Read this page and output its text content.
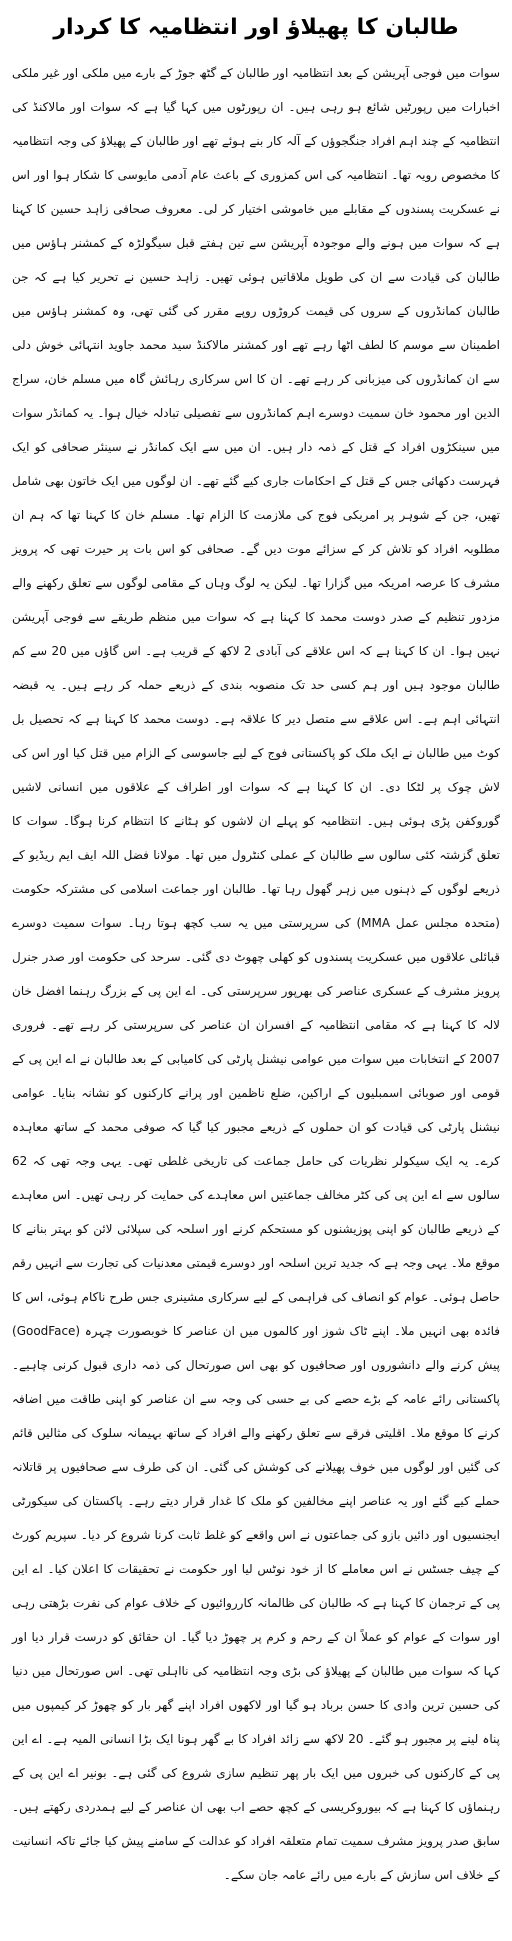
طالبان کا پھیلاؤ اور انتظامیہ کا کردار
سوات میں فوجی آپریشن کے بعد انتظامیہ اور طالبان کے گٹھ جوڑ کے بارے میں ملکی اور غیر ملکی اخبارات میں رپورٹیں شائع ہو رہی ہیں۔ ان رپورٹوں میں کہا گیا ہے کہ سوات اور مالاکنڈ کی انتظامیہ کے چند اہم افراد جنگجوؤں کے آلہ کار بنے ہوئے تھے اور طالبان کے پھیلاؤ کی وجہ انتظامیہ کا مخصوص رویہ تھا۔ انتظامیہ کی اس کمزوری کے باعث عام آدمی مایوسی کا شکار ہوا اور اس نے عسکریت پسندوں کے مقابلے میں خاموشی اختیار کر لی۔ معروف صحافی زاہد حسین کا کہنا ہے کہ سوات میں ہونے والے موجودہ آپریشن سے تین ہفتے قبل سیگولڑہ کے کمشنر ہاؤس میں طالبان کی قیادت سے ان کی طویل ملاقاتیں ہوئی تھیں۔ زاہد حسین نے تحریر کیا ہے کہ جن طالبان کمانڈروں کے سروں کی قیمت کروڑوں روپے مقرر کی گئی تھی، وہ کمشنر ہاؤس میں اطمینان سے موسم کا لطف اٹھا رہے تھے اور کمشنر مالاکنڈ سید محمد جاوید انتہائی خوش دلی سے ان کمانڈروں کی میزبانی کر رہے تھے۔ ان کا اس سرکاری رہائش گاہ میں مسلم خان، سراج الدین اور محمود خان سمیت دوسرے اہم کمانڈروں سے تفصیلی تبادلہ خیال ہوا۔ یہ کمانڈر سوات میں سینکڑوں افراد کے قتل کے ذمہ دار ہیں۔ ان میں سے ایک کمانڈر نے سینئر صحافی کو ایک فہرست دکھائی جس کے قتل کے احکامات جاری کیے گئے تھے۔ ان لوگوں میں ایک خاتون بھی شامل تھیں، جن کے شوہر پر امریکی فوج کی ملازمت کا الزام تھا۔ مسلم خان کا کہنا تھا کہ ہم ان مطلوبہ افراد کو تلاش کر کے سزائے موت دیں گے۔ صحافی کو اس بات پر حیرت تھی کہ پرویز مشرف کا عرصہ امریکہ میں گزارا تھا۔ لیکن یہ لوگ وہاں کے مقامی لوگوں سے تعلق رکھنے والے مزدور تنظیم کے صدر دوست محمد کا کہنا ہے کہ سوات میں منظم طریقے سے فوجی آپریشن نہیں ہوا۔ ان کا کہنا ہے کہ اس علاقے کی آبادی 2 لاکھ کے قریب ہے۔ اس گاؤں میں 20 سے کم طالبان موجود ہیں اور ہم کسی حد تک منصوبہ بندی کے ذریعے حملہ کر رہے ہیں۔ یہ قبضہ انتہائی اہم ہے۔ اس علاقے سے متصل دیر کا علاقہ ہے۔ دوست محمد کا کہنا ہے کہ تحصیل بل کوٹ میں طالبان نے ایک ملک کو پاکستانی فوج کے لیے جاسوسی کے الزام میں قتل کیا اور اس کی لاش چوک پر لٹکا دی۔ ان کا کہنا ہے کہ سوات اور اطراف کے علاقوں میں انسانی لاشیں گوروکفن پڑی ہوئی ہیں۔ انتظامیہ کو پہلے ان لاشوں کو ہٹانے کا انتظام کرنا ہوگا۔ سوات کا تعلق گزشتہ کئی سالوں سے طالبان کے عملی کنٹرول میں تھا۔ مولانا فضل اللہ ایف ایم ریڈیو کے ذریعے لوگوں کے ذہنوں میں زہر گھول رہا تھا۔ طالبان اور جماعت اسلامی کی مشترکہ حکومت (متحدہ مجلس عمل MMA) کی سرپرستی میں یہ سب کچھ ہوتا رہا۔ سوات سمیت دوسرے قبائلی علاقوں میں عسکریت پسندوں کو کھلی چھوٹ دی گئی۔ سرحد کی حکومت اور صدر جنرل پرویز مشرف کے عسکری عناصر کی بھرپور سرپرستی کی۔ اے این پی کے بزرگ رہنما افضل خان لالہ کا کہنا ہے کہ مقامی انتظامیہ کے افسران ان عناصر کی سرپرستی کر رہے تھے۔ فروری 2007 کے انتخابات میں سوات میں عوامی نیشنل پارٹی کی کامیابی کے بعد طالبان نے اے این پی کے قومی اور صوبائی اسمبلیوں کے اراکین، ضلع ناظمین اور پرانے کارکنوں کو نشانہ بنایا۔ عوامی نیشنل پارٹی کی قیادت کو ان حملوں کے ذریعے مجبور کیا گیا کہ صوفی محمد کے ساتھ معاہدہ کرے۔ یہ ایک سیکولر نظریات کی حامل جماعت کی تاریخی غلطی تھی۔ یہی وجہ تھی کہ 62 سالوں سے اے این پی کی کٹر مخالف جماعتیں اس معاہدے کی حمایت کر رہی تھیں۔ اس معاہدے کے ذریعے طالبان کو اپنی پوزیشنوں کو مستحکم کرنے اور اسلحہ کی سپلائی لائن کو بہتر بنانے کا موقع ملا۔ یہی وجہ ہے کہ جدید ترین اسلحہ اور دوسرے قیمتی معدنیات کی تجارت سے انہیں رقم حاصل ہوئی۔ عوام کو انصاف کی فراہمی کے لیے سرکاری مشینری جس طرح ناکام ہوئی، اس کا فائدہ بھی انہیں ملا۔ اپنے ٹاک شوز اور کالموں میں ان عناصر کا خوبصورت چہرہ (GoodFace) پیش کرنے والے دانشوروں اور صحافیوں کو بھی اس صورتحال کی ذمہ داری قبول کرنی چاہیے۔ پاکستانی رائے عامہ کے بڑے حصے کی بے حسی کی وجہ سے ان عناصر کو اپنی طاقت میں اضافہ کرنے کا موقع ملا۔ اقلیتی فرقے سے تعلق رکھنے والے افراد کے ساتھ بہیمانہ سلوک کی مثالیں قائم کی گئیں اور لوگوں میں خوف پھیلانے کی کوشش کی گئی۔ ان کی طرف سے صحافیوں پر قاتلانہ حملے کیے گئے اور یہ عناصر اپنے مخالفین کو ملک کا غدار قرار دیتے رہے۔ پاکستان کی سیکورٹی ایجنسیوں اور دائیں بازو کی جماعتوں نے اس واقعے کو غلط ثابت کرنا شروع کر دیا۔ سپریم کورٹ کے چیف جسٹس نے اس معاملے کا از خود نوٹس لیا اور حکومت نے تحقیقات کا اعلان کیا۔ اے این پی کے ترجمان کا کہنا ہے کہ طالبان کی ظالمانہ کارروائیوں کے خلاف عوام کی نفرت بڑھتی رہی اور سوات کے عوام کو عملاً ان کے رحم و کرم پر چھوڑ دیا گیا۔ ان حقائق کو درست قرار دیا اور کہا کہ سوات میں طالبان کے پھیلاؤ کی بڑی وجہ انتظامیہ کی نااہلی تھی۔ اس صورتحال میں دنیا کی حسین ترین وادی کا حسن برباد ہو گیا اور لاکھوں افراد اپنے گھر بار کو چھوڑ کر کیمپوں میں پناہ لینے پر مجبور ہو گئے۔ 20 لاکھ سے زائد افراد کا بے گھر ہونا ایک بڑا انسانی المیہ ہے۔ اے این پی کے کارکنوں کی خبروں میں ایک بار پھر تنظیم سازی شروع کی گئی ہے۔ بونیر اے این پی کے رہنماؤں کا کہنا ہے کہ بیوروکریسی کے کچھ حصے اب بھی ان عناصر کے لیے ہمدردی رکھتے ہیں۔ سابق صدر پرویز مشرف سمیت تمام متعلقہ افراد کو عدالت کے سامنے پیش کیا جائے تاکہ انسانیت کے خلاف اس سازش کے بارے میں رائے عامہ جان سکے۔
